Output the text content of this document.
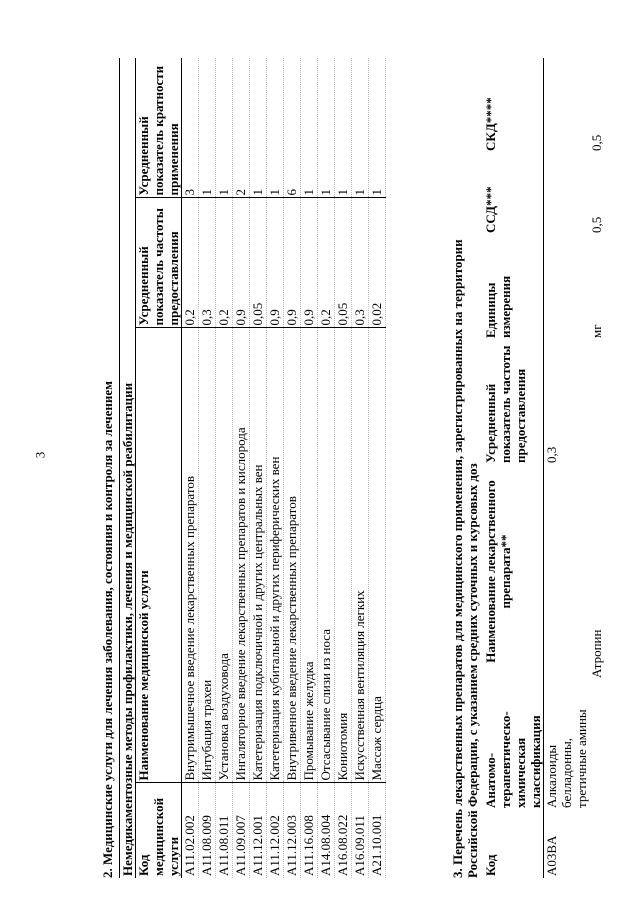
3	2. Медицинские услуги для лечения заболевания, состояния и контроля за лечением Немедикаментозные методы профилактики, лечения и медицинской реабилитации			
Код медицинской услуги	Наименование медицинской услуги	Усредненный показатель частоты предоставления	Усредненный показатель кратности применения
A11.02.002	Внутримышечное введение лекарственных препаратов	0,2	3
A11.08.009	Интубация трахеи	0,3	1
A11.08.011	Установка воздуховода	0,2	1
A11.09.007	Ингаляторное введение лекарственных препаратов и кислорода	0,9	2
A11.12.001	Катетеризация подключичной и других центральных вен	0,05	1
A11.12.002	Катетеризация кубитальной и других периферических вен	0,9	1
A11.12.003	Внутривенное введение лекарственных препаратов	0,9	6
A11.16.008	Промывание желудка	0,9	1
A14.08.004	Отсасывание слизи из носа	0,2	1
A16.08.022	Кониотомия	0,05	1
A16.09.011	Искусственная вентиляция легких	0,3	1
A21.10.001	Массаж сердца	0,02	1
3. Перечень лекарственных препаратов для медицинского применения, зарегистрированных на территории Российской Федерации, с указанием средних суточных и курсовых доз Код	Анатомо-терапевтическо-химическая классификация	Наименование лекарственного препарата**	Усредненный показатель частоты предоставления	Единицы измерения	ССД***	СКД****
A03BA	Алкалоиды белладонны, третичные амины		0,3			
		Атропин		мг	0,5	0,5
